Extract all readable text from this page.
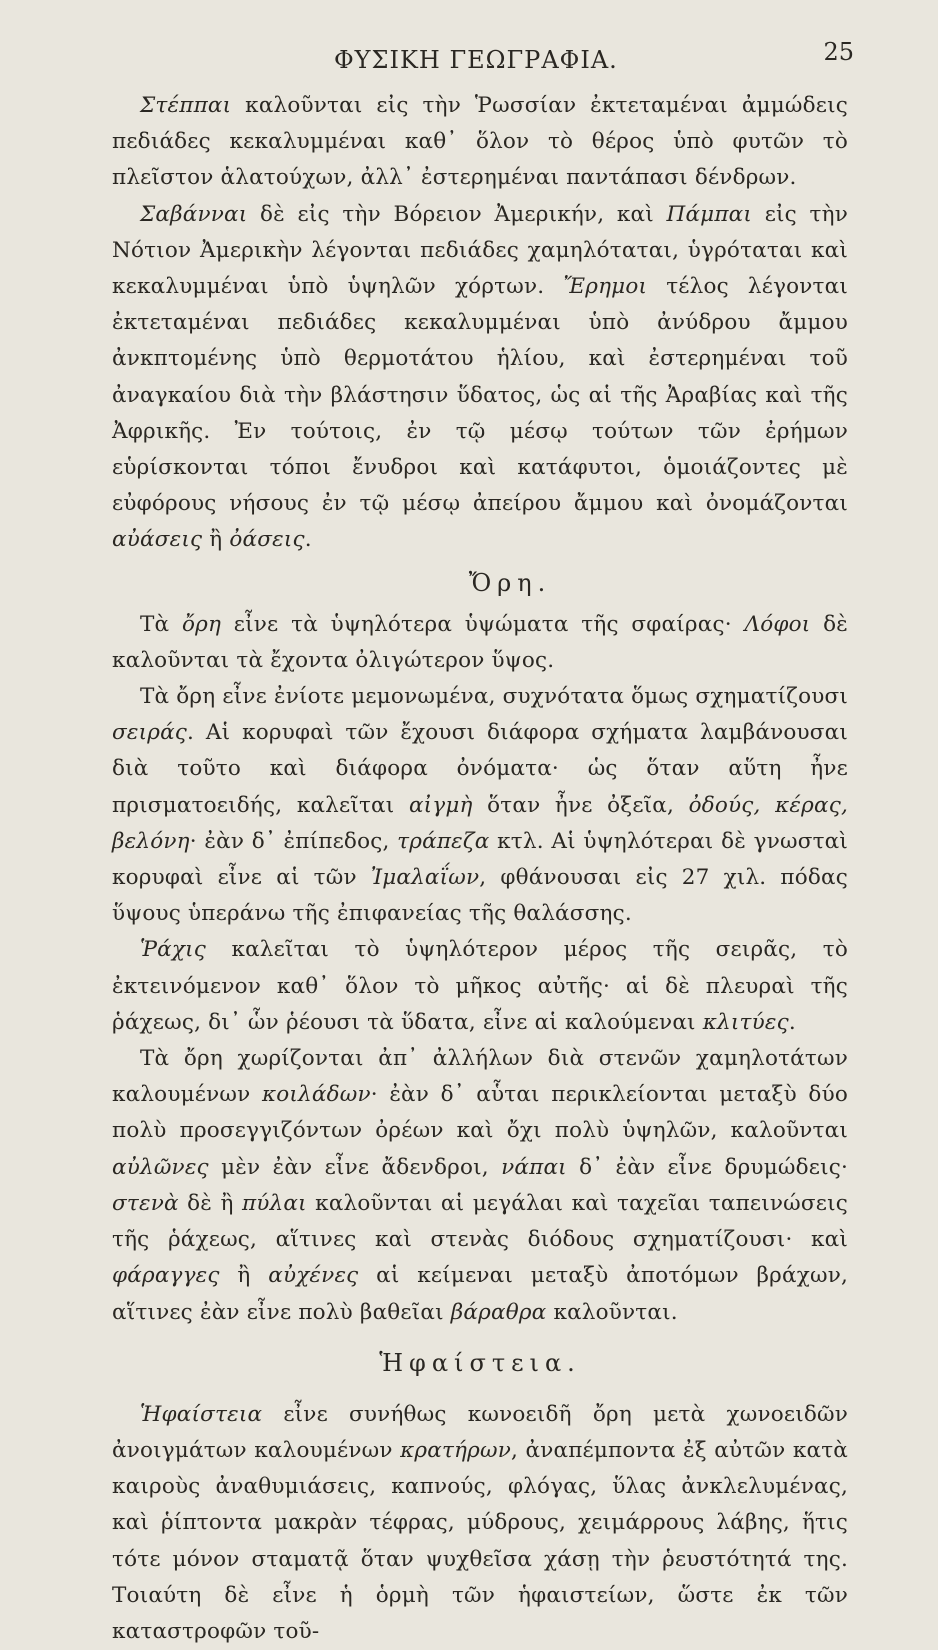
ΦΥΣΙΚΗ ΓΕΩΓΡΑΦΙΑ.	25

Στέππαι καλοῦνται εἰς τὴν Ῥωσσίαν ἐκτεταμέναι ἀμμώδεις πεδιάδες κεκαλυμμέναι καθ᾽ ὅλον τὸ θέρος ὑπὸ φυτῶν τὸ πλεῖστον ἁλατούχων, ἀλλ᾽ ἐστερημέναι παντάπασι δένδρων.

Σαβάνναι δὲ εἰς τὴν Βόρειον Ἀμερικήν, καὶ Πάμπαι εἰς τὴν Νότιον Ἀμερικὴν λέγονται πεδιάδες χαμηλόταται, ὑγρόταται καὶ κεκαλυμμέναι ὑπὸ ὑψηλῶν χόρτων. Ἔρημοι τέλος λέγονται ἐκτεταμέναι πεδιάδες κεκαλυμμέναι ὑπὸ ἀνύδρου ἄμμου ἀνκπτομένης ὑπὸ θερμοτάτου ἡλίου, καὶ ἐστερημέναι τοῦ ἀναγκαίου διὰ τὴν βλάστησιν ὕδατος, ὡς αἱ τῆς Ἀραβίας καὶ τῆς Ἀφρικῆς. Ἐν τούτοις, ἐν τῷ μέσῳ τούτων τῶν ἐρήμων εὑρίσκονται τόποι ἔνυδροι καὶ κατάφυτοι, ὁμοιάζοντες μὲ εὐφόρους νήσους ἐν τῷ μέσῳ ἀπείρου ἄμμου καὶ ὀνομάζονται αὐάσεις ἢ ὀάσεις.

Ὄρη.

Τὰ ὄρη εἶνε τὰ ὑψηλότερα ὑψώματα τῆς σφαίρας· Λόφοι δὲ καλοῦνται τὰ ἔχοντα ὀλιγώτερον ὕψος.

Τὰ ὄρη εἶνε ἐνίοτε μεμονωμένα, συχνότατα ὅμως σχηματίζουσι σειράς. Αἱ κορυφαὶ τῶν ἔχουσι διάφορα σχήματα λαμβάνουσαι διὰ τοῦτο καὶ διάφορα ὀνόματα· ὡς ὅταν αὕτη ἦνε πρισματοειδής, καλεῖται αἰγμὴ ὅταν ἦνε ὀξεῖα, ὀδούς, κέρας, βελόνη· ἐὰν δ᾽ ἐπίπεδος, τράπεζα κτλ. Αἱ ὑψηλότεραι δὲ γνωσταὶ κορυφαὶ εἶνε αἱ τῶν Ἰμαλαΐων, φθάνουσαι εἰς 27 χιλ. πόδας ὕψους ὑπεράνω τῆς ἐπιφανείας τῆς θαλάσσης.

Ῥάχις καλεῖται τὸ ὑψηλότερον μέρος τῆς σειρᾶς, τὸ ἐκτεινόμενον καθ᾽ ὅλον τὸ μῆκος αὐτῆς· αἱ δὲ πλευραὶ τῆς ῥάχεως, δι᾽ ὧν ῥέουσι τὰ ὕδατα, εἶνε αἱ καλούμεναι κλιτύες.

Τὰ ὄρη χωρίζονται ἀπ᾽ ἀλλήλων διὰ στενῶν χαμηλοτάτων καλουμένων κοιλάδων· ἐὰν δ᾽ αὗται περικλείονται μεταξὺ δύο πολὺ προσεγγιζόντων ὀρέων καὶ ὄχι πολὺ ὑψηλῶν, καλοῦνται αὐλῶνες μὲν ἐὰν εἶνε ἄδενδροι, νάπαι δ᾽ ἐὰν εἶνε δρυμώδεις· στενὰ δὲ ἢ πύλαι καλοῦνται αἱ μεγάλαι καὶ ταχεῖαι ταπεινώσεις τῆς ῥάχεως, αἵτινες καὶ στενὰς διόδους σχηματίζουσι· καὶ φάραγγες ἢ αὐχένες αἱ κείμεναι μεταξὺ ἀποτόμων βράχων, αἵτινες ἐὰν εἶνε πολὺ βαθεῖαι βάραθρα καλοῦνται.

Ἡφαίστεια.

Ἡφαίστεια εἶνε συνήθως κωνοειδῆ ὄρη μετὰ χωνοειδῶν ἀνοιγμάτων καλουμένων κρατήρων, ἀναπέμποντα ἐξ αὐτῶν κατὰ καιροὺς ἀναθυμιάσεις, καπνούς, φλόγας, ὕλας ἀνκλελυμένας, καὶ ῥίπτοντα μακρὰν τέφρας, μύδρους, χειμάρρους λάβης, ἥτις τότε μόνον σταματᾷ ὅταν ψυχθεῖσα χάσῃ τὴν ῥευστότητά της. Τοιαύτη δὲ εἶνε ἡ ὁρμὴ τῶν ἡφαιστείων, ὥστε ἐκ τῶν καταστροφῶν τοῦ-
